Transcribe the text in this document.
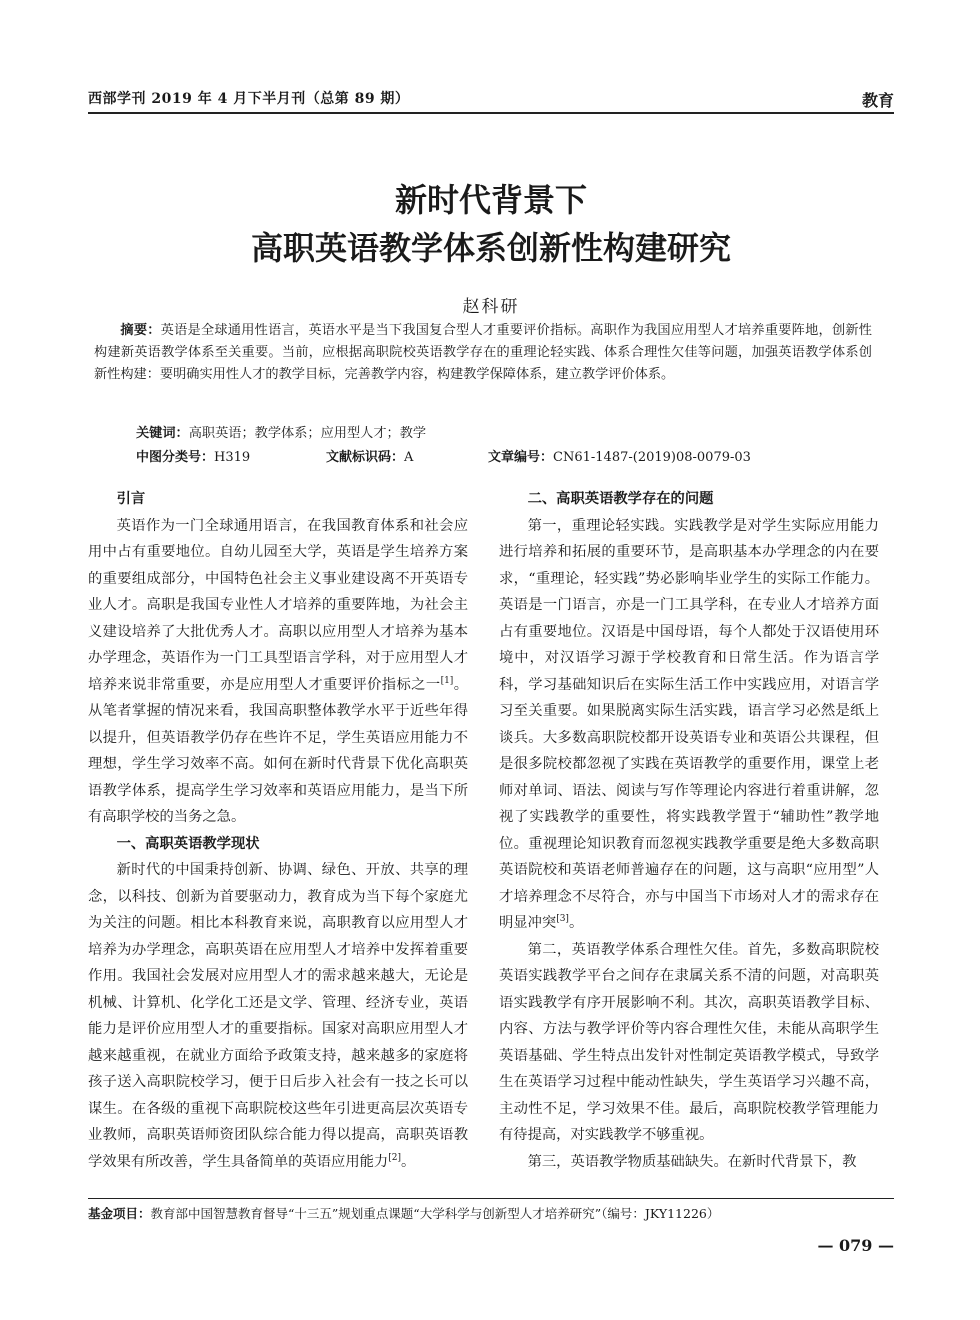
西部学刊 2019 年 4 月下半月刊（总第 89 期）	教育
新时代背景下
高职英语教学体系创新性构建研究
赵科研
摘要：英语是全球通用性语言，英语水平是当下我国复合型人才重要评价指标。高职作为我国应用型人才培养重要阵地，创新性构建新英语教学体系至关重要。当前，应根据高职院校英语教学存在的重理论轻实践、体系合理性欠佳等问题，加强英语教学体系创新性构建：要明确实用性人才的教学目标，完善教学内容，构建教学保障体系，建立教学评价体系。
关键词：高职英语；教学体系；应用型人才；教学
中图分类号：H319	文献标识码：A	文章编号：CN61-1487-(2019)08-0079-03
引言

英语作为一门全球通用语言，在我国教育体系和社会应用中占有重要地位。自幼儿园至大学，英语是学生培养方案的重要组成部分，中国特色社会主义事业建设离不开英语专业人才。高职是我国专业性人才培养的重要阵地，为社会主义建设培养了大批优秀人才。高职以应用型人才培养为基本办学理念，英语作为一门工具型语言学科，对于应用型人才培养来说非常重要，亦是应用型人才重要评价指标之一[1]。从笔者掌握的情况来看，我国高职整体教学水平于近些年得以提升，但英语教学仍存在些许不足，学生英语应用能力不理想，学生学习效率不高。如何在新时代背景下优化高职英语教学体系，提高学生学习效率和英语应用能力，是当下所有高职学校的当务之急。

一、高职英语教学现状

新时代的中国秉持创新、协调、绿色、开放、共享的理念，以科技、创新为首要驱动力，教育成为当下每个家庭尤为关注的问题。相比本科教育来说，高职教育以应用型人才培养为办学理念，高职英语在应用型人才培养中发挥着重要作用。我国社会发展对应用型人才的需求越来越大，无论是机械、计算机、化学化工还是文学、管理、经济专业，英语能力是评价应用型人才的重要指标。国家对高职应用型人才越来越重视，在就业方面给予政策支持，越来越多的家庭将孩子送入高职院校学习，便于日后步入社会有一技之长可以谋生。在各级的重视下高职院校这些年引进更高层次英语专业教师，高职英语师资团队综合能力得以提高，高职英语教学效果有所改善，学生具备简单的英语应用能力[2]。

二、高职英语教学存在的问题

第一，重理论轻实践。实践教学是对学生实际应用能力进行培养和拓展的重要环节，是高职基本办学理念的内在要求，“重理论，轻实践”势必影响毕业学生的实际工作能力。英语是一门语言，亦是一门工具学科，在专业人才培养方面占有重要地位。汉语是中国母语，每个人都处于汉语使用环境中，对汉语学习源于学校教育和日常生活。作为语言学科，学习基础知识后在实际生活工作中实践应用，对语言学习至关重要。如果脱离实际生活实践，语言学习必然是纸上谈兵。大多数高职院校都开设英语专业和英语公共课程，但是很多院校都忽视了实践在英语教学的重要作用，课堂上老师对单词、语法、阅读与写作等理论内容进行着重讲解，忽视了实践教学的重要性，将实践教学置于“辅助性”教学地位。重视理论知识教育而忽视实践教学重要是绝大多数高职英语院校和英语老师普遍存在的问题，这与高职“应用型”人才培养理念不尽符合，亦与中国当下市场对人才的需求存在明显冲突[3]。

第二，英语教学体系合理性欠佳。首先，多数高职院校英语实践教学平台之间存在隶属关系不清的问题，对高职英语实践教学有序开展影响不利。其次，高职英语教学目标、内容、方法与教学评价等内容合理性欠佳，未能从高职学生英语基础、学生特点出发针对性制定英语教学模式，导致学生在英语学习过程中能动性缺失，学生英语学习兴趣不高，主动性不足，学习效果不佳。最后，高职院校教学管理能力有待提高，对实践教学不够重视。

第三，英语教学物质基础缺失。在新时代背景下，教

基金项目：教育部中国智慧教育督导“十三五”规划重点课题“大学科学与创新型人才培养研究”（编号：JKY11226）
— 079 —
